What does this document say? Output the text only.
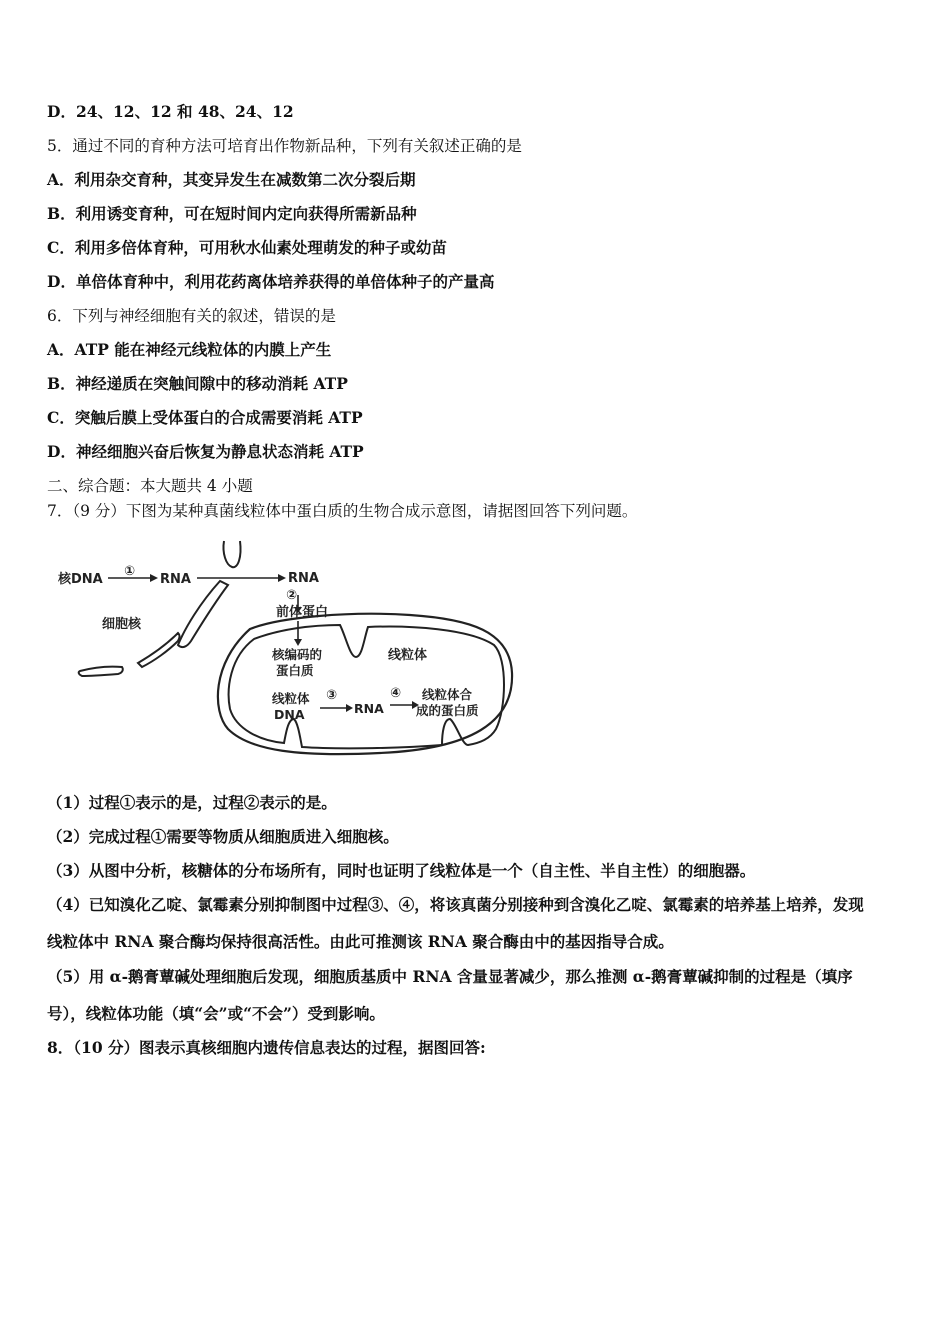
D．24、12、12 和 48、24、12
5．通过不同的育种方法可培育出作物新品种，下列有关叙述正确的是
A．利用杂交育种，其变异发生在减数第二次分裂后期
B．利用诱变育种，可在短时间内定向获得所需新品种
C．利用多倍体育种，可用秋水仙素处理萌发的种子或幼苗
D．单倍体育种中，利用花药离体培养获得的单倍体种子的产量高
6．下列与神经细胞有关的叙述，错误的是
A．ATP 能在神经元线粒体的内膜上产生
B．神经递质在突触间隙中的移动消耗 ATP
C．突触后膜上受体蛋白的合成需要消耗 ATP
D．神经细胞兴奋后恢复为静息状态消耗 ATP
二、综合题：本大题共 4 小题
7．（9 分）下图为某种真菌线粒体中蛋白质的生物合成示意图，请据图回答下列问题。
核DNA
①
RNA	RNA
②
前体蛋白
细胞核
核编码的
蛋白质
线粒体
线粒体
DNA
③
RNA
④ 线粒体合
成的蛋白质
（1）过程①表示的是，过程②表示的是。
（2）完成过程①需要等物质从细胞质进入细胞核。
（3）从图中分析，核糖体的分布场所有，同时也证明了线粒体是一个（自主性、半自主性）的细胞器。
（4）已知溴化乙啶、氯霉素分别抑制图中过程③、④，将该真菌分别接种到含溴化乙啶、氯霉素的培养基上培养，发现
线粒体中 RNA 聚合酶均保持很高活性。由此可推测该 RNA 聚合酶由中的基因指导合成。
（5）用 α-鹅膏蕈碱处理细胞后发现，细胞质基质中 RNA 含量显著减少，那么推测 α-鹅膏蕈碱抑制的过程是（填序
号），线粒体功能（填“会”或“不会”）受到影响。
8．（10 分）图表示真核细胞内遗传信息表达的过程，据图回答:
